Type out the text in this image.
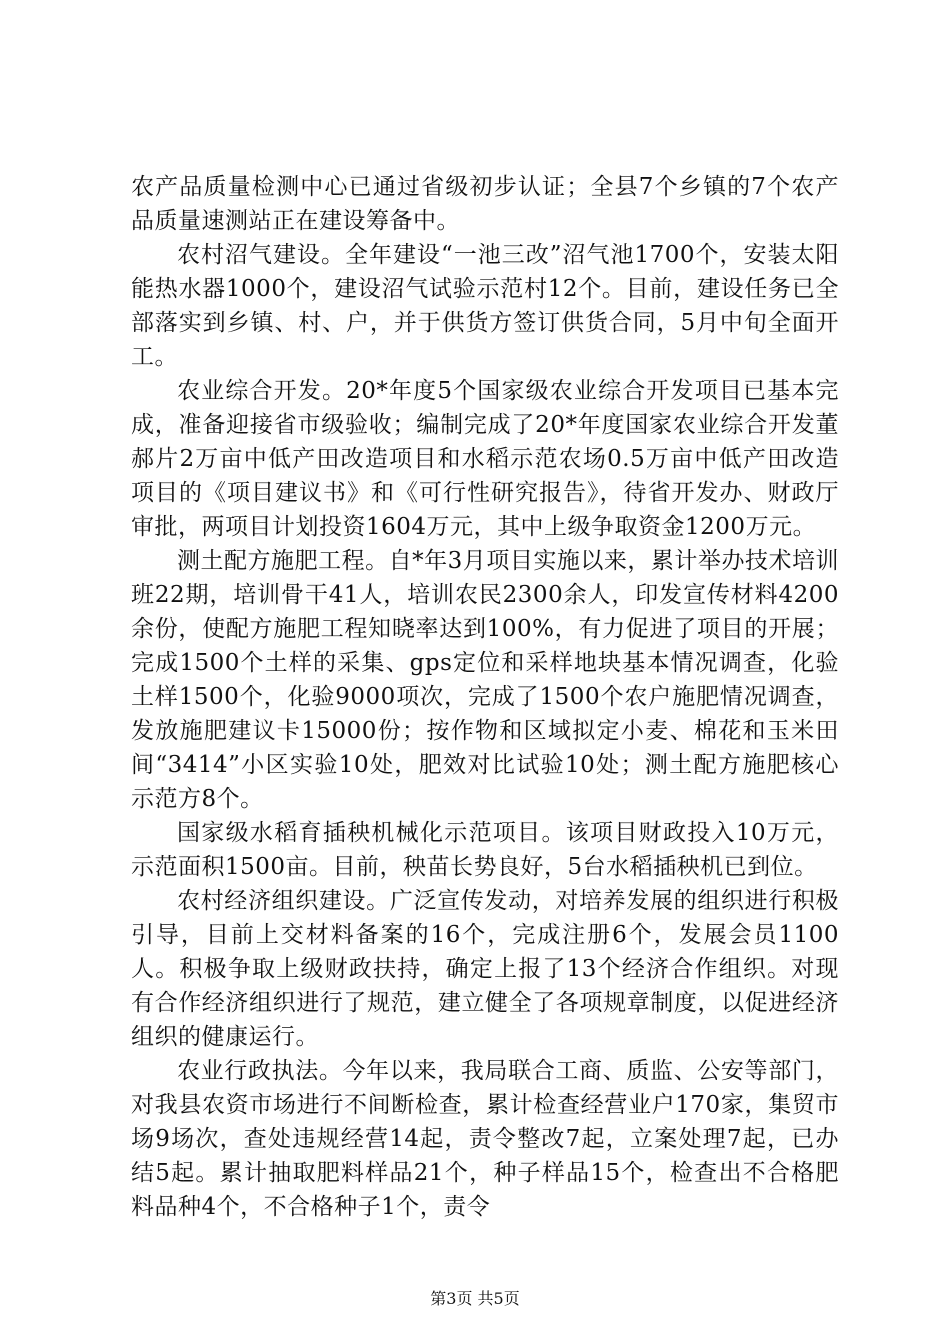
农产品质量检测中心已通过省级初步认证；全县7个乡镇的7个农产品质量速测站正在建设筹备中。

农村沼气建设。全年建设“一池三改”沼气池1700个，安装太阳能热水器1000个，建设沼气试验示范村12个。目前，建设任务已全部落实到乡镇、村、户，并于供货方签订供货合同，5月中旬全面开工。

农业综合开发。20*年度5个国家级农业综合开发项目已基本完成，准备迎接省市级验收；编制完成了20*年度国家农业综合开发董郝片2万亩中低产田改造项目和水稻示范农场0.5万亩中低产田改造项目的《项目建议书》和《可行性研究报告》，待省开发办、财政厅审批，两项目计划投资1604万元，其中上级争取资金1200万元。

测土配方施肥工程。自*年3月项目实施以来，累计举办技术培训班22期，培训骨干41人，培训农民2300余人，印发宣传材料4200余份，使配方施肥工程知晓率达到100%，有力促进了项目的开展；完成1500个土样的采集、gps定位和采样地块基本情况调查，化验土样1500个，化验9000项次，完成了1500个农户施肥情况调查，发放施肥建议卡15000份；按作物和区域拟定小麦、棉花和玉米田间“3414”小区实验10处，肥效对比试验10处；测土配方施肥核心示范方8个。

国家级水稻育插秧机械化示范项目。该项目财政投入10万元，示范面积1500亩。目前，秧苗长势良好，5台水稻插秧机已到位。

农村经济组织建设。广泛宣传发动，对培养发展的组织进行积极引导，目前上交材料备案的16个，完成注册6个，发展会员1100人。积极争取上级财政扶持，确定上报了13个经济合作组织。对现有合作经济组织进行了规范，建立健全了各项规章制度，以促进经济组织的健康运行。

农业行政执法。今年以来，我局联合工商、质监、公安等部门，对我县农资市场进行不间断检查，累计检查经营业户170家，集贸市场9场次，查处违规经营14起，责令整改7起，立案处理7起，已办结5起。累计抽取肥料样品21个，种子样品15个，检查出不合格肥料品种4个，不合格种子1个，责令

第3页 共5页
